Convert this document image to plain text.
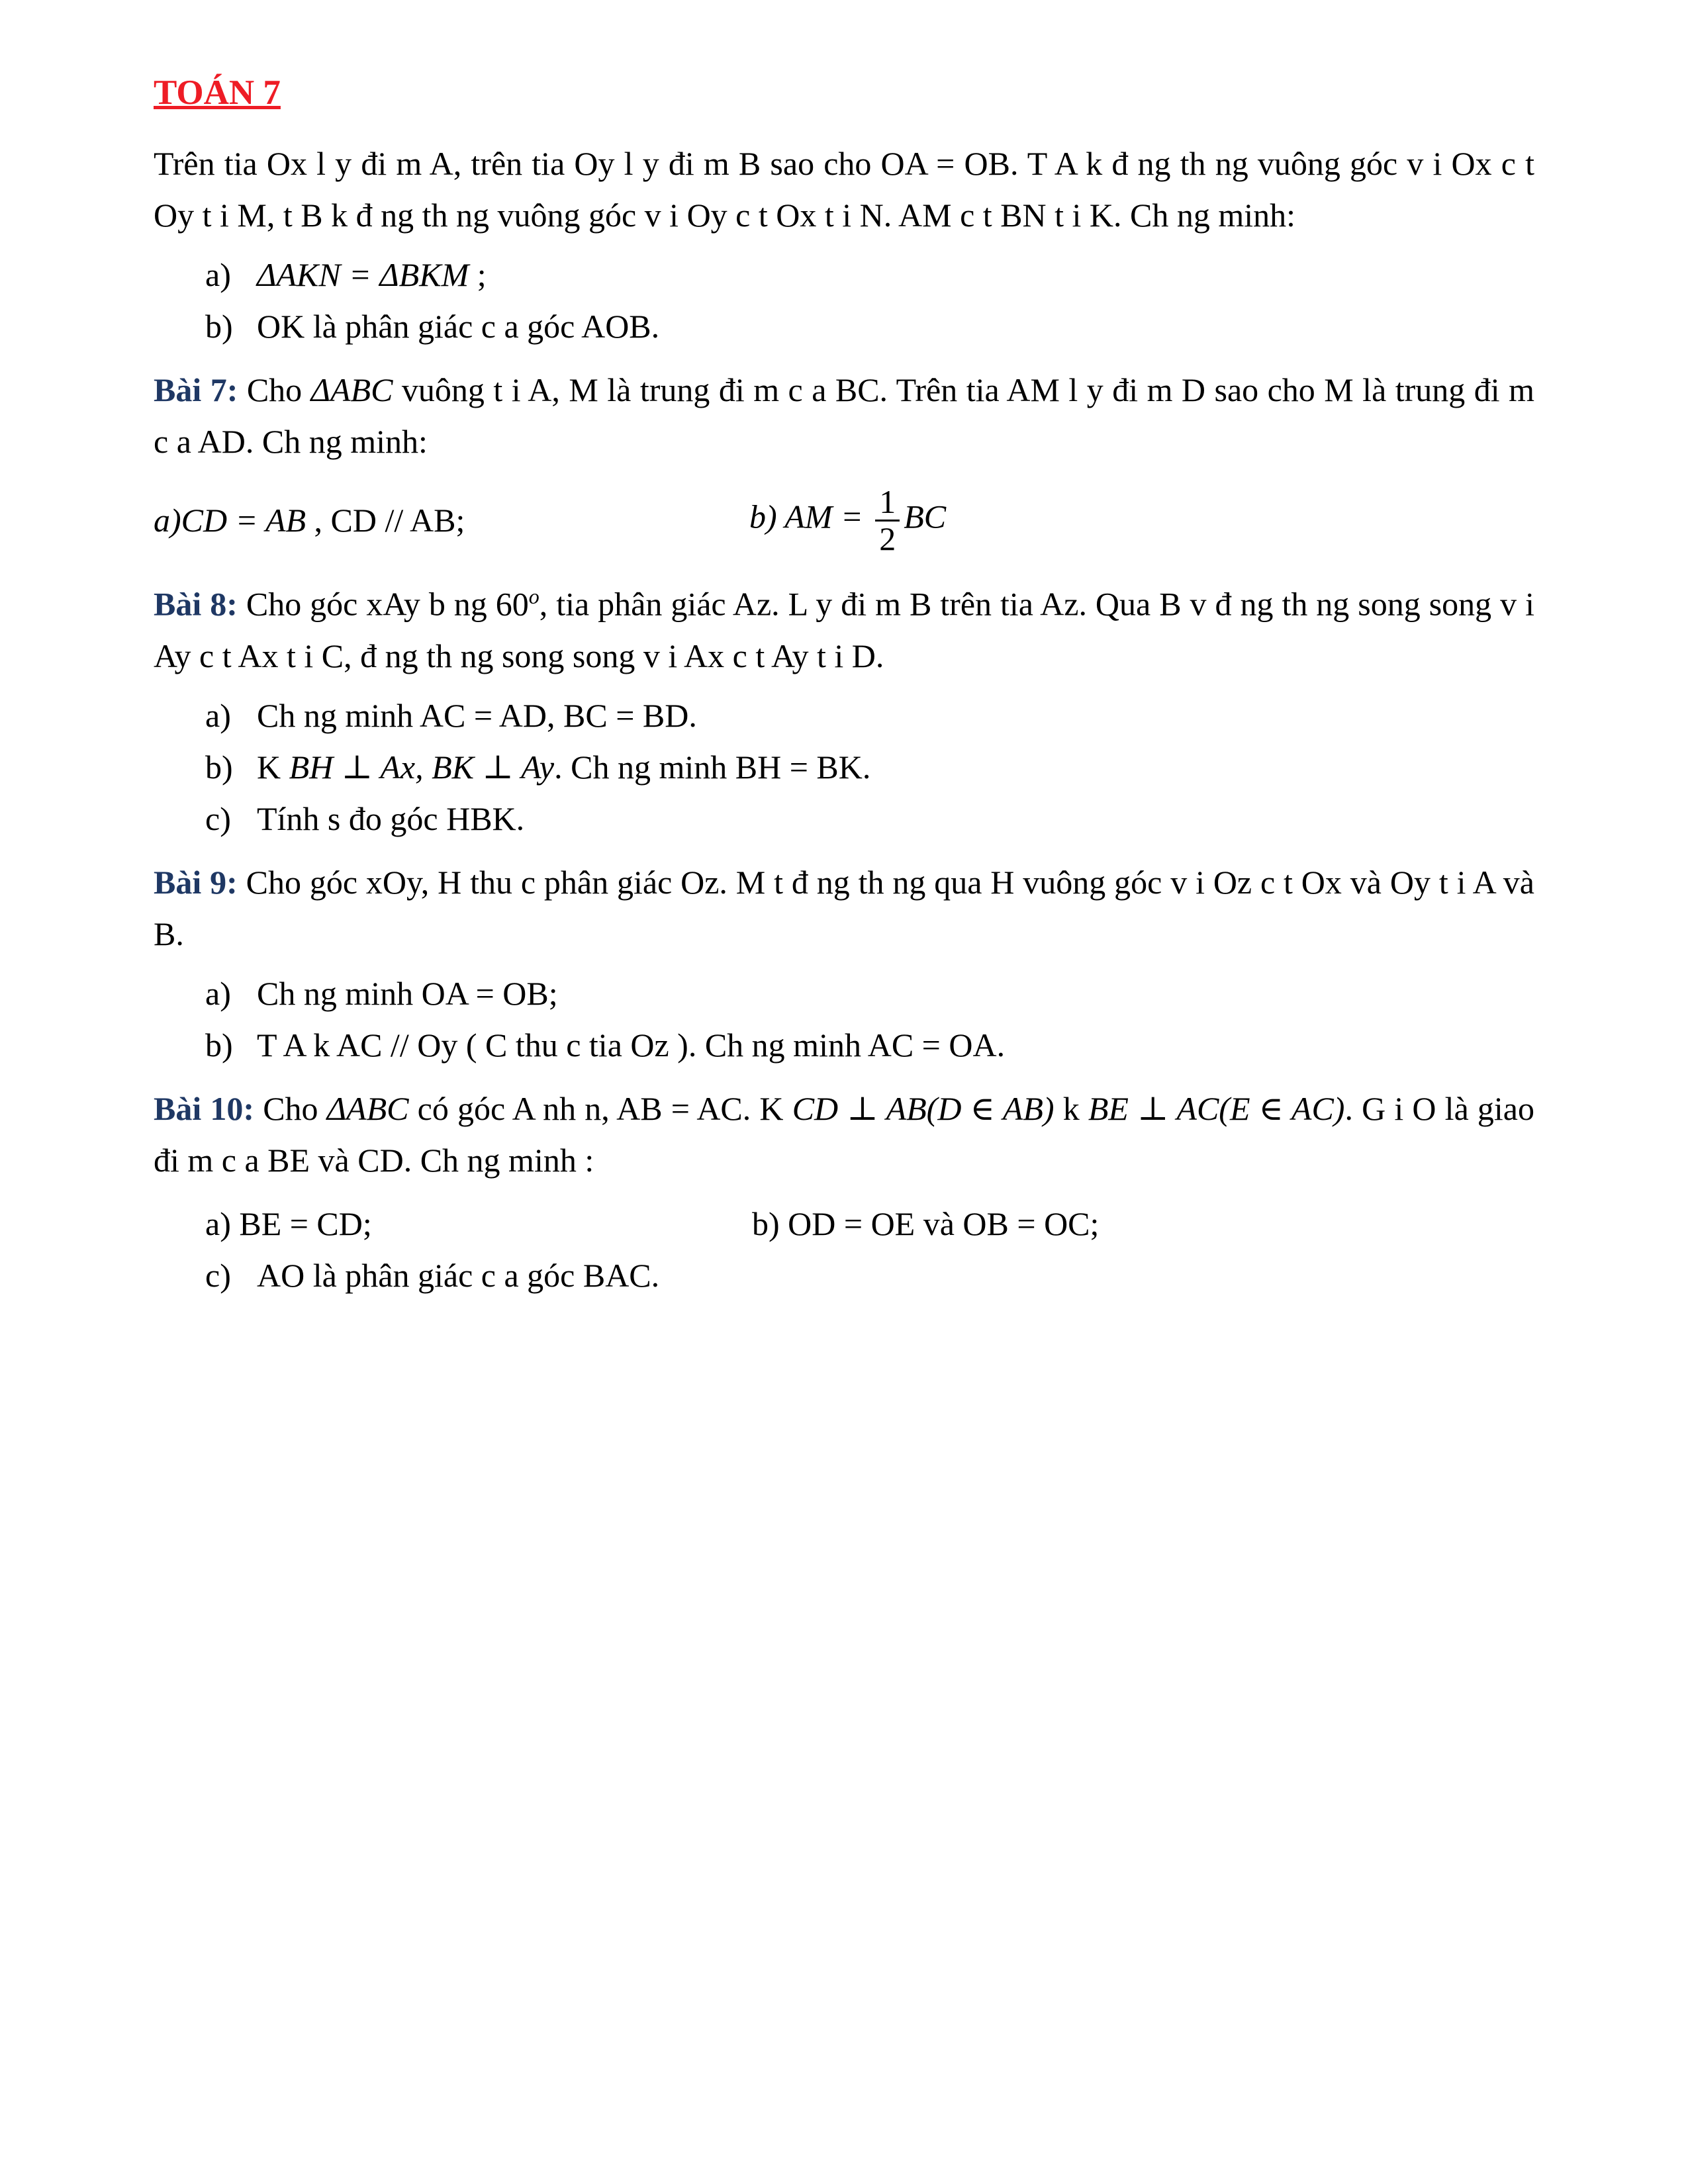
TOÁN 7

Trên tia Ox l y đi m A, trên tia Oy l y đi m B sao cho OA = OB. T A k đ ng th ng vuông góc v i Ox c t Oy t i M, t B k đ ng th ng vuông góc v i Oy c t Ox t i N. AM c t BN t i K. Ch ng minh:

a) ΔAKN = ΔBKM ;
b) OK là phân giác c a góc AOB.

Bài 7: Cho ΔABC vuông t i A, M là trung đi m c a BC. Trên tia AM l y đi m D sao cho M là trung đi m c a AD. Ch ng minh:

a)CD = AB , CD // AB;	b) AM = $\frac{1}{2}$ BC

Bài 8: Cho góc xAy b ng 60$^o$, tia phân giác Az. L y đi m B trên tia Az. Qua B v đ ng th ng song song v i Ay c t Ax t i C, đ ng th ng song song v i Ax c t Ay t i D.

a) Ch ng minh AC = AD, BC = BD.
b) K BH ⊥ Ax, BK ⊥ Ay. Ch ng minh BH = BK.
c) Tính s đo góc HBK.

Bài 9: Cho góc xOy, H thu c phân giác Oz. M t đ ng th ng qua H vuông góc v i Oz c t Ox và Oy t i A và B.

a) Ch ng minh OA = OB;
b) T A k AC // Oy ( C thu c tia Oz ). Ch ng minh AC = OA.

Bài 10: Cho ΔABC có góc A nh n, AB = AC. K CD ⊥ AB(D ∈ AB) k BE ⊥ AC(E ∈ AC). G i O là giao đi m c a BE và CD. Ch ng minh :

a) BE = CD;	b) OD = OE và OB = OC;
c) AO là phân giác c a góc BAC.
